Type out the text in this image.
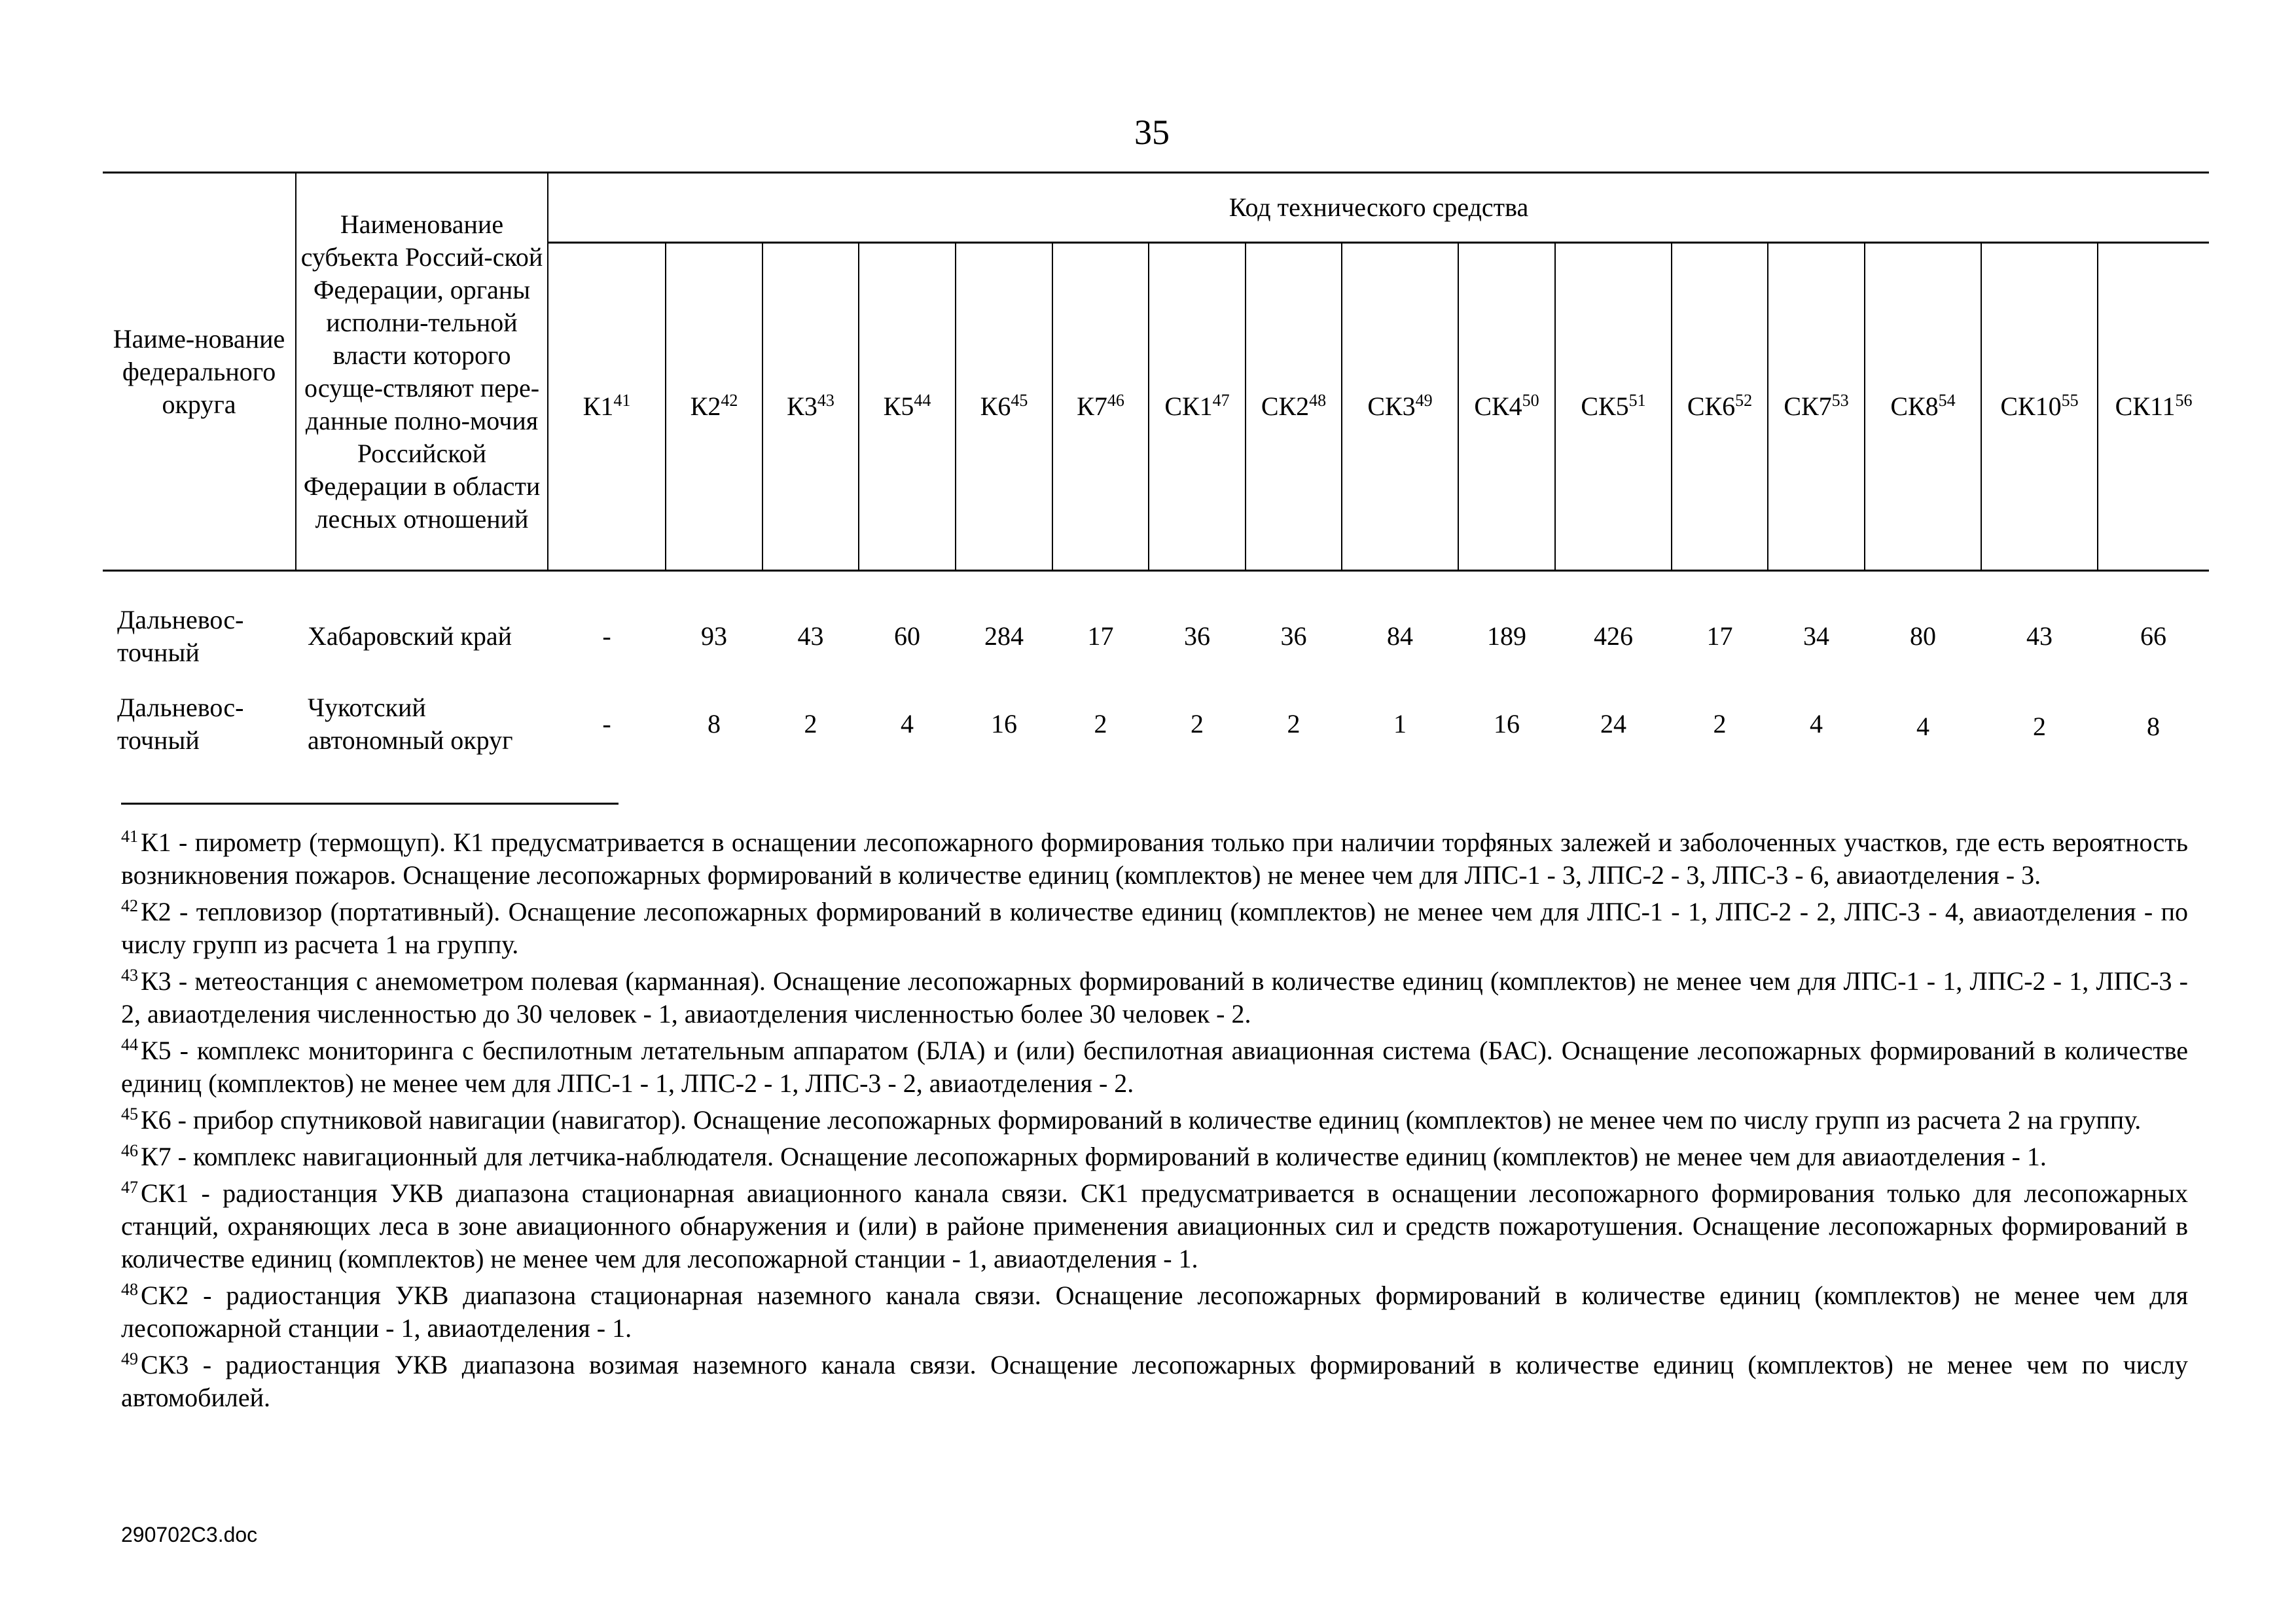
35
Наиме-нование федерального округа	Наименование субъекта Россий-ской Федерации, органы исполни-тельной власти которого осуще-ствляют пере-данные полно-мочия Российской Федерации в области лесных отношений	Код технического средства															
		$К1^{41}$	$К2^{42}$	$К3^{43}$	$К5^{44}$	$К6^{45}$	$К7^{46}$	$СК1^{47}$	$СК2^{48}$	$СК3^{49}$	$СК4^{50}$	$СК5^{51}$	$СК6^{52}$	$СК7^{53}$	$СК8^{54}$	$СК10^{55}$	$СК11^{56}$
Дальневос-точный	Хабаровский край	-	93	43	60	284	17	36	36	84	189	426	17	34	80	43	66
Дальневос-точный	Чукотский автономный округ	-	8	2	4	16	2	2	2	1	16	24	2	4	4	2	8

$^{41}$ К1 - пирометр (термощуп). К1 предусматривается в оснащении лесопожарного формирования только при наличии торфяных залежей и заболоченных участков, где есть вероятность возникновения пожаров. Оснащение лесопожарных формирований в количестве единиц (комплектов) не менее чем для ЛПС-1 - 3, ЛПС-2 - 3, ЛПС-3 - 6, авиаотделения - 3.

$^{42}$ К2 - тепловизор (портативный). Оснащение лесопожарных формирований в количестве единиц (комплектов) не менее чем для ЛПС-1 - 1, ЛПС-2 - 2, ЛПС-3 - 4, авиаотделения - по числу групп из расчета 1 на группу.

$^{43}$ К3 - метеостанция с анемометром полевая (карманная). Оснащение лесопожарных формирований в количестве единиц (комплектов) не менее чем для ЛПС-1 - 1, ЛПС-2 - 1, ЛПС-3 - 2, авиаотделения численностью до 30 человек - 1, авиаотделения численностью более 30 человек - 2.

$^{44}$ К5 - комплекс мониторинга с беспилотным летательным аппаратом (БЛА) и (или) беспилотная авиационная система (БАС). Оснащение лесопожарных формирований в количестве единиц (комплектов) не менее чем для ЛПС-1 - 1, ЛПС-2 - 1, ЛПС-3 - 2, авиаотделения - 2.

$^{45}$ К6 - прибор спутниковой навигации (навигатор). Оснащение лесопожарных формирований в количестве единиц (комплектов) не менее чем по числу групп из расчета 2 на группу.

$^{46}$ К7 - комплекс навигационный для летчика-наблюдателя. Оснащение лесопожарных формирований в количестве единиц (комплектов) не менее чем для авиаотделения - 1.

$^{47}$ СК1 - радиостанция УКВ диапазона стационарная авиационного канала связи. СК1 предусматривается в оснащении лесопожарного формирования только для лесопожарных станций, охраняющих леса в зоне авиационного обнаружения и (или) в районе применения авиационных сил и средств пожаротушения. Оснащение лесопожарных формирований в количестве единиц (комплектов) не менее чем для лесопожарной станции - 1, авиаотделения - 1.

$^{48}$ СК2 - радиостанция УКВ диапазона стационарная наземного канала связи. Оснащение лесопожарных формирований в количестве единиц (комплектов) не менее чем для лесопожарной станции - 1, авиаотделения - 1.

$^{49}$ СК3 - радиостанция УКВ диапазона возимая наземного канала связи. Оснащение лесопожарных формирований в количестве единиц (комплектов) не менее чем по числу автомобилей.

290702С3.doc
